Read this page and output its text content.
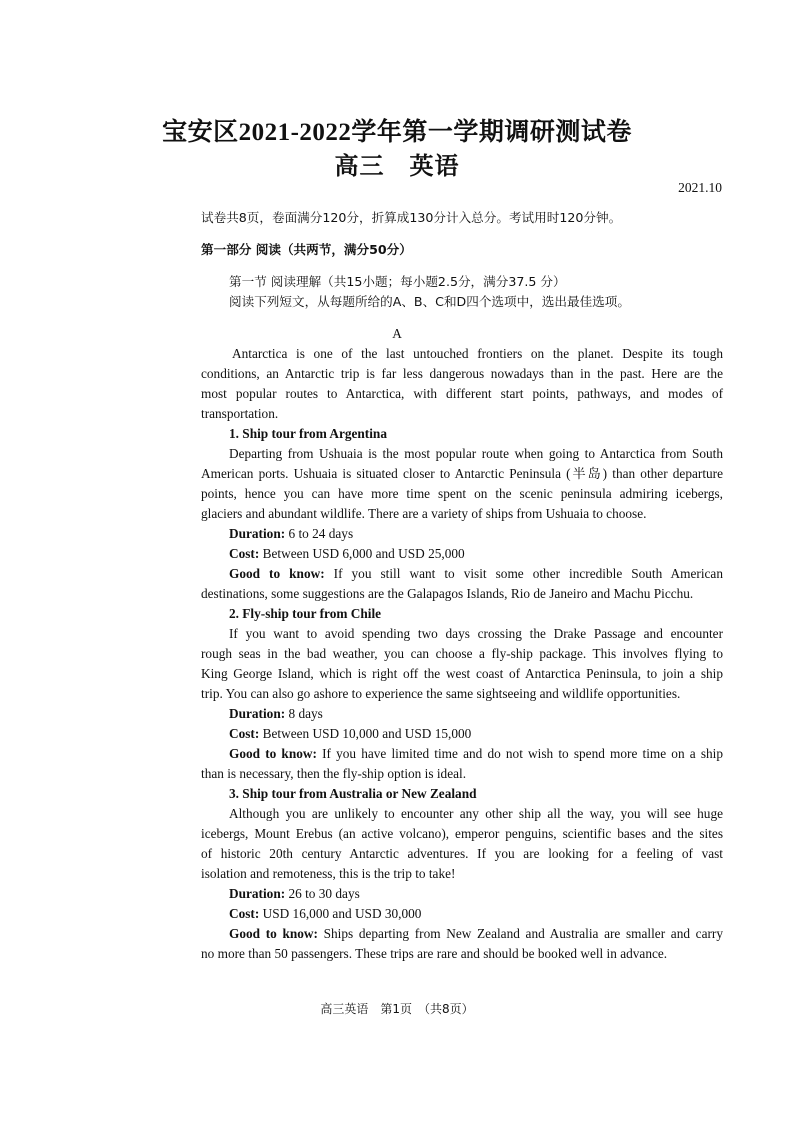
宝安区2021-2022学年第一学期调研测试卷
高三　英语
2021.10
试卷共8页，卷面满分120分，折算成130分计入总分。考试用时120分钟。
第一部分 阅读（共两节，满分50分）
第一节 阅读理解（共15小题；每小题2.5分，满分37.5 分）
阅读下列短文，从每题所给的A、B、C和D四个选项中，选出最佳选项。
A
Antarctica is one of the last untouched frontiers on the planet. Despite its tough
conditions, an Antarctic trip is far less dangerous nowadays than in the past. Here are the
most popular routes to Antarctica, with different start points, pathways, and modes of
transportation.
1. Ship tour from Argentina
Departing from Ushuaia is the most popular route when going to Antarctica from South
American ports. Ushuaia is situated closer to Antarctic Peninsula (半岛) than other departure
points, hence you can have more time spent on the scenic peninsula admiring icebergs,
glaciers and abundant wildlife. There are a variety of ships from Ushuaia to choose.
Duration: 6 to 24 days
Cost: Between USD 6,000 and USD 25,000
Good to know: If you still want to visit some other incredible South American
destinations, some suggestions are the Galapagos Islands, Rio de Janeiro and Machu Picchu.
2. Fly-ship tour from Chile
If you want to avoid spending two days crossing the Drake Passage and encounter
rough seas in the bad weather, you can choose a fly-ship package. This involves flying to
King George Island, which is right off the west coast of Antarctica Peninsula, to join a ship
trip. You can also go ashore to experience the same sightseeing and wildlife opportunities.
Duration: 8 days
Cost: Between USD 10,000 and USD 15,000
Good to know: If you have limited time and do not wish to spend more time on a ship
than is necessary, then the fly-ship option is ideal.
3. Ship tour from Australia or New Zealand
Although you are unlikely to encounter any other ship all the way, you will see huge
icebergs, Mount Erebus (an active volcano), emperor penguins, scientific bases and the sites
of historic 20th century Antarctic adventures. If you are looking for a feeling of vast
isolation and remoteness, this is the trip to take!
Duration: 26 to 30 days
Cost: USD 16,000 and USD 30,000
Good to know: Ships departing from New Zealand and Australia are smaller and carry
no more than 50 passengers. These trips are rare and should be booked well in advance.
高三英语　第1页　（共8页）
